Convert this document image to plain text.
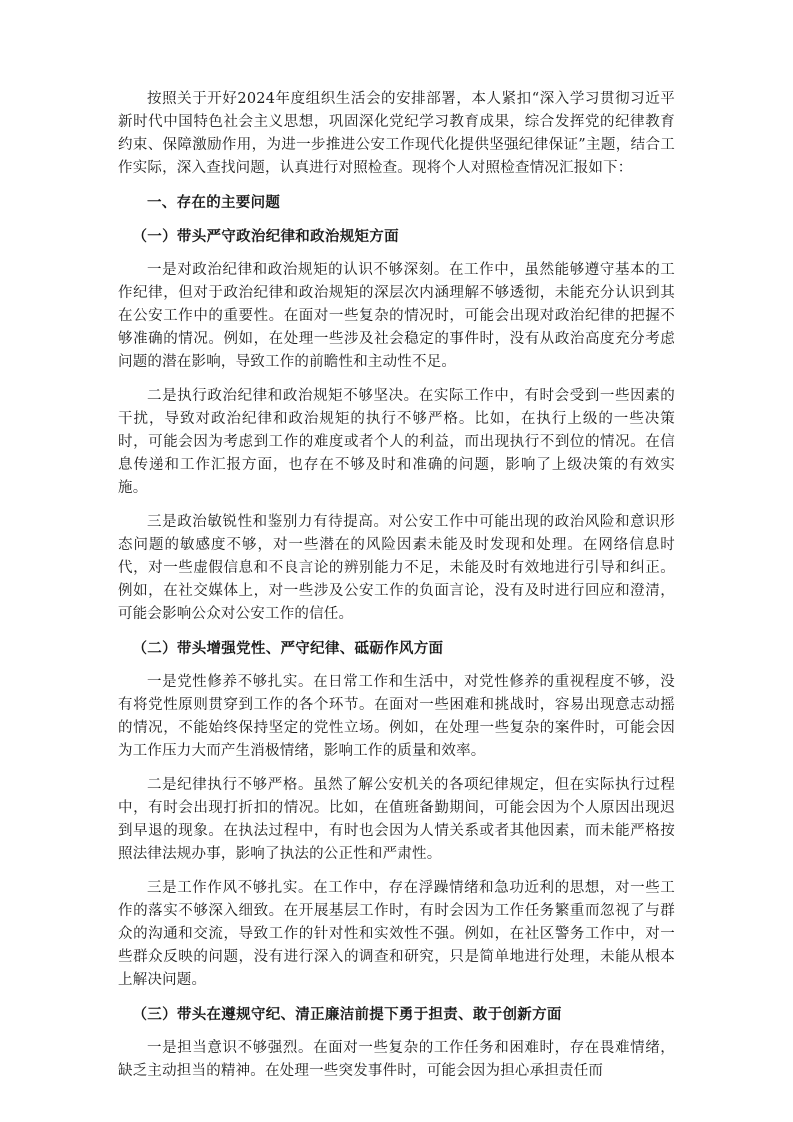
按照关于开好2024年度组织生活会的安排部署，本人紧扣“深入学习贯彻习近平新时代中国特色社会主义思想，巩固深化党纪学习教育成果，综合发挥党的纪律教育约束、保障激励作用，为进一步推进公安工作现代化提供坚强纪律保证”主题，结合工作实际，深入查找问题，认真进行对照检查。现将个人对照检查情况汇报如下：

一、存在的主要问题

（一）带头严守政治纪律和政治规矩方面

一是对政治纪律和政治规矩的认识不够深刻。在工作中，虽然能够遵守基本的工作纪律，但对于政治纪律和政治规矩的深层次内涵理解不够透彻，未能充分认识到其在公安工作中的重要性。在面对一些复杂的情况时，可能会出现对政治纪律的把握不够准确的情况。例如，在处理一些涉及社会稳定的事件时，没有从政治高度充分考虑问题的潜在影响，导致工作的前瞻性和主动性不足。

二是执行政治纪律和政治规矩不够坚决。在实际工作中，有时会受到一些因素的干扰，导致对政治纪律和政治规矩的执行不够严格。比如，在执行上级的一些决策时，可能会因为考虑到工作的难度或者个人的利益，而出现执行不到位的情况。在信息传递和工作汇报方面，也存在不够及时和准确的问题，影响了上级决策的有效实施。

三是政治敏锐性和鉴别力有待提高。对公安工作中可能出现的政治风险和意识形态问题的敏感度不够，对一些潜在的风险因素未能及时发现和处理。在网络信息时代，对一些虚假信息和不良言论的辨别能力不足，未能及时有效地进行引导和纠正。例如，在社交媒体上，对一些涉及公安工作的负面言论，没有及时进行回应和澄清，可能会影响公众对公安工作的信任。

（二）带头增强党性、严守纪律、砥砺作风方面

一是党性修养不够扎实。在日常工作和生活中，对党性修养的重视程度不够，没有将党性原则贯穿到工作的各个环节。在面对一些困难和挑战时，容易出现意志动摇的情况，不能始终保持坚定的党性立场。例如，在处理一些复杂的案件时，可能会因为工作压力大而产生消极情绪，影响工作的质量和效率。

二是纪律执行不够严格。虽然了解公安机关的各项纪律规定，但在实际执行过程中，有时会出现打折扣的情况。比如，在值班备勤期间，可能会因为个人原因出现迟到早退的现象。在执法过程中，有时也会因为人情关系或者其他因素，而未能严格按照法律法规办事，影响了执法的公正性和严肃性。

三是工作作风不够扎实。在工作中，存在浮躁情绪和急功近利的思想，对一些工作的落实不够深入细致。在开展基层工作时，有时会因为工作任务繁重而忽视了与群众的沟通和交流，导致工作的针对性和实效性不强。例如，在社区警务工作中，对一些群众反映的问题，没有进行深入的调查和研究，只是简单地进行处理，未能从根本上解决问题。

（三）带头在遵规守纪、清正廉洁前提下勇于担责、敢于创新方面

一是担当意识不够强烈。在面对一些复杂的工作任务和困难时，存在畏难情绪，缺乏主动担当的精神。在处理一些突发事件时，可能会因为担心承担责任而
